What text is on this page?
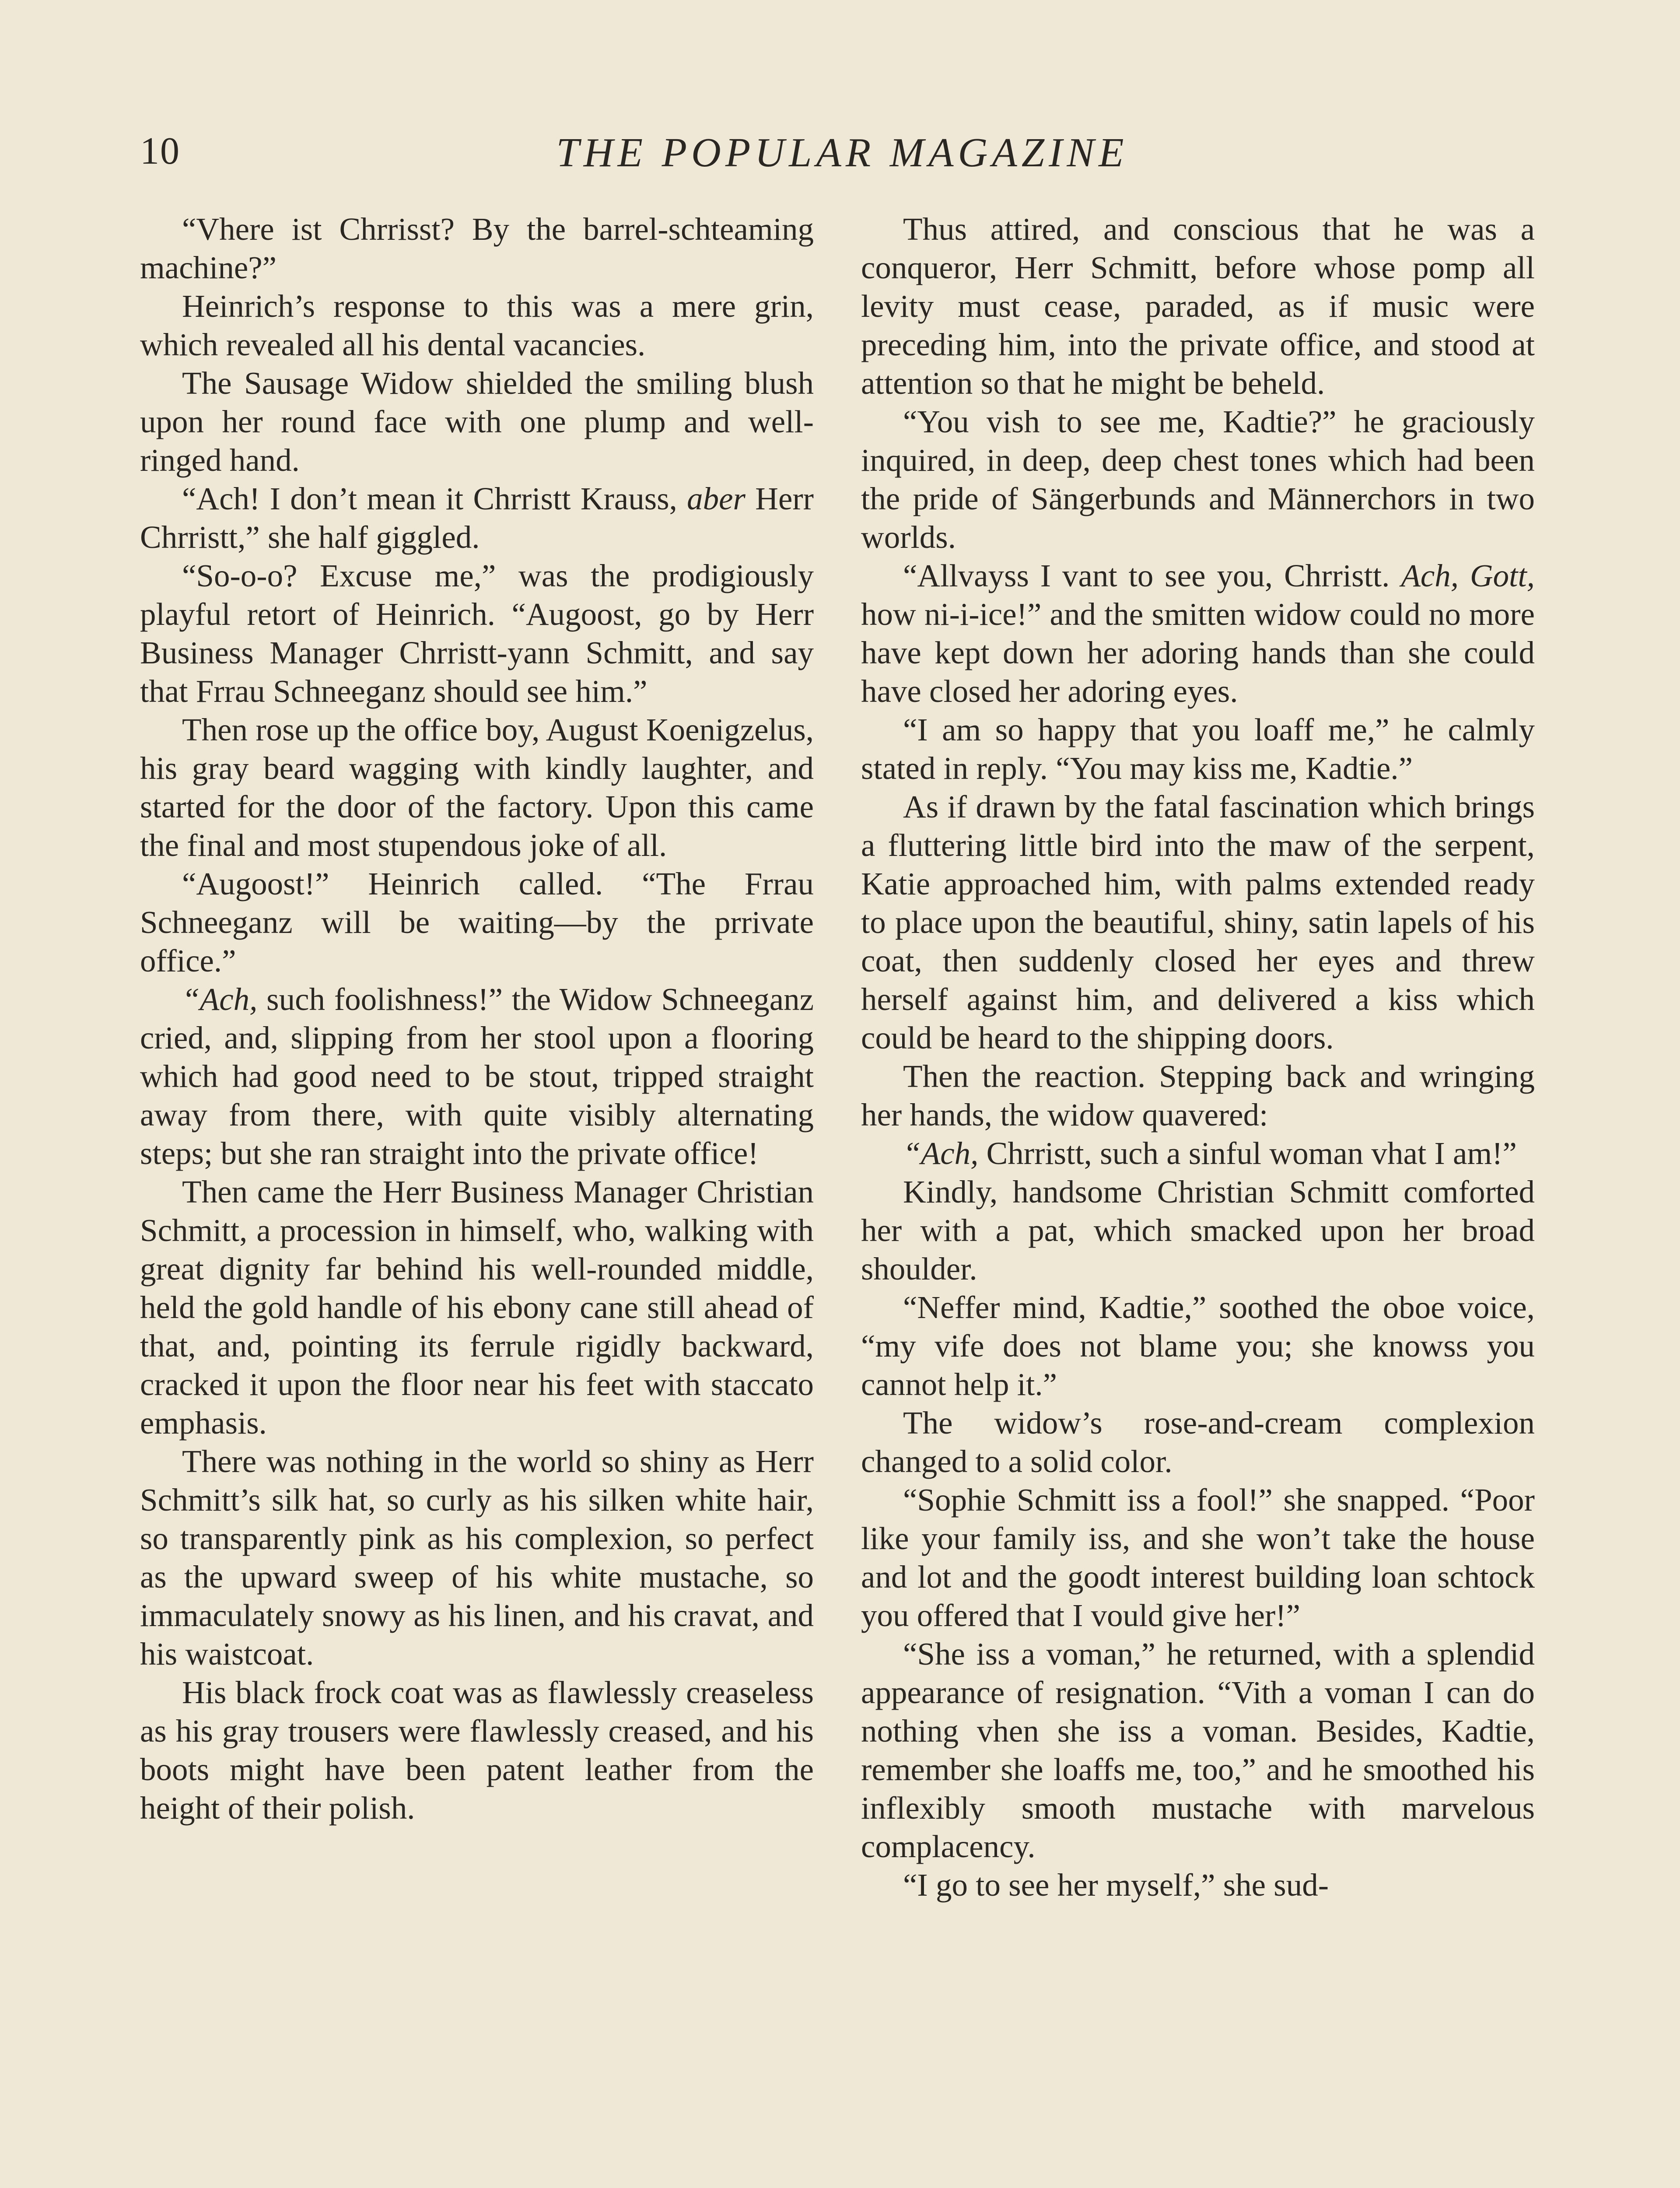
10	THE POPULAR MAGAZINE

“Vhere ist Chrrisst? By the barrel-schteaming machine?”

Heinrich’s response to this was a mere grin, which revealed all his dental vacancies.

The Sausage Widow shielded the smiling blush upon her round face with one plump and well-ringed hand.

“Ach! I don’t mean it Chrristt Krauss, aber Herr Chrristt,” she half giggled.

“So-o-o? Excuse me,” was the prodigiously playful retort of Heinrich. “Augoost, go by Herr Business Manager Chrristt-yann Schmitt, and say that Frrau Schneeganz should see him.”

Then rose up the office boy, August Koenigzelus, his gray beard wagging with kindly laughter, and started for the door of the factory. Upon this came the final and most stupendous joke of all.

“Augoost!” Heinrich called. “The Frrau Schneeganz will be waiting—by the prrivate office.”

“Ach, such foolishness!” the Widow Schneeganz cried, and, slipping from her stool upon a flooring which had good need to be stout, tripped straight away from there, with quite visibly alternating steps; but she ran straight into the private office!

Then came the Herr Business Manager Christian Schmitt, a procession in himself, who, walking with great dignity far behind his well-rounded middle, held the gold handle of his ebony cane still ahead of that, and, pointing its ferrule rigidly backward, cracked it upon the floor near his feet with staccato emphasis.

There was nothing in the world so shiny as Herr Schmitt’s silk hat, so curly as his silken white hair, so transparently pink as his complexion, so perfect as the upward sweep of his white mustache, so immaculately snowy as his linen, and his cravat, and his waistcoat.

His black frock coat was as flawlessly creaseless as his gray trousers were flawlessly creased, and his boots might have been patent leather from the height of their polish.

Thus attired, and conscious that he was a conqueror, Herr Schmitt, before whose pomp all levity must cease, paraded, as if music were preceding him, into the private office, and stood at attention so that he might be beheld.

“You vish to see me, Kadtie?” he graciously inquired, in deep, deep chest tones which had been the pride of Sängerbunds and Männerchors in two worlds.

“Allvayss I vant to see you, Chrristt. Ach, Gott, how ni-i-ice!” and the smitten widow could no more have kept down her adoring hands than she could have closed her adoring eyes.

“I am so happy that you loaff me,” he calmly stated in reply. “You may kiss me, Kadtie.”

As if drawn by the fatal fascination which brings a fluttering little bird into the maw of the serpent, Katie approached him, with palms extended ready to place upon the beautiful, shiny, satin lapels of his coat, then suddenly closed her eyes and threw herself against him, and delivered a kiss which could be heard to the shipping doors.

Then the reaction. Stepping back and wringing her hands, the widow quavered:

“Ach, Chrristt, such a sinful woman vhat I am!”

Kindly, handsome Christian Schmitt comforted her with a pat, which smacked upon her broad shoulder.

“Neffer mind, Kadtie,” soothed the oboe voice, “my vife does not blame you; she knowss you cannot help it.”

The widow’s rose-and-cream complexion changed to a solid color.

“Sophie Schmitt iss a fool!” she snapped. “Poor like your family iss, and she won’t take the house and lot and the goodt interest building loan schtock you offered that I vould give her!”

“She iss a voman,” he returned, with a splendid appearance of resignation. “Vith a voman I can do nothing vhen she iss a voman. Besides, Kadtie, remember she loaffs me, too,” and he smoothed his inflexibly smooth mustache with marvelous complacency.

“I go to see her myself,” she sud-
